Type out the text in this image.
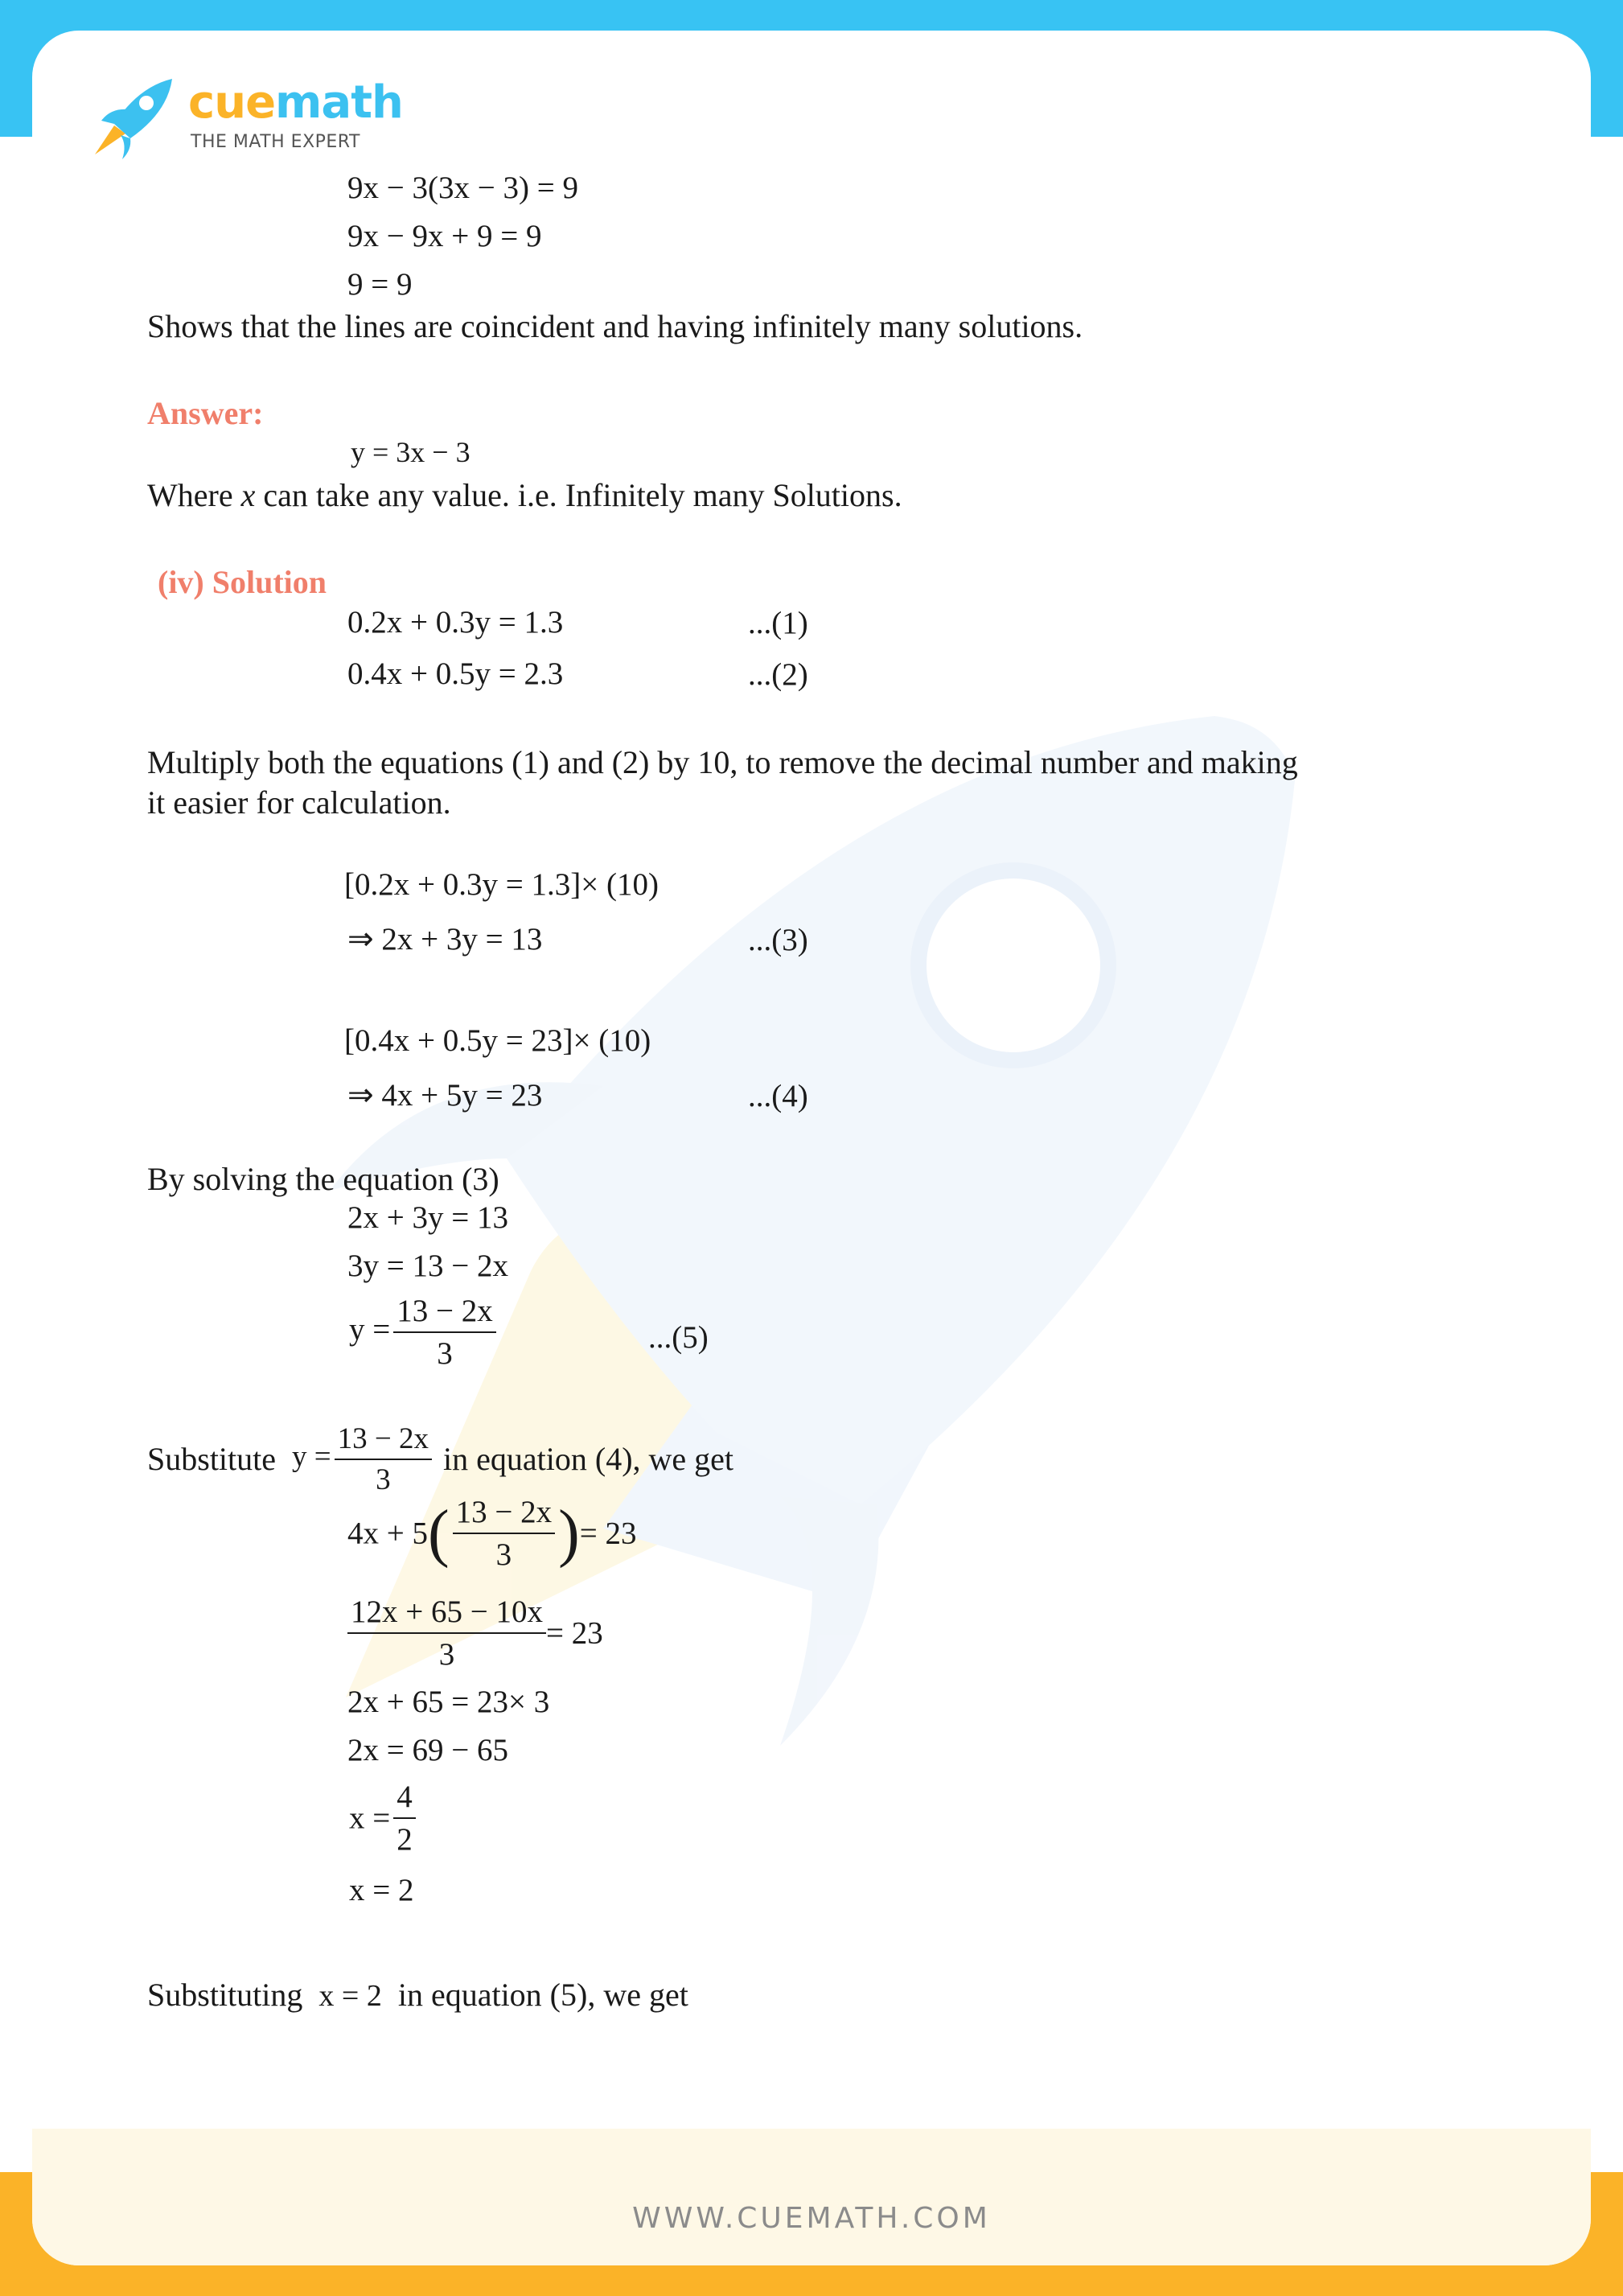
WWW.CUEMATH.COM
cuemath
THE MATH EXPERT
9x − 3(3x − 3) = 9
9x − 9x + 9 = 9
9 = 9
Shows that the lines are coincident and having infinitely many solutions.
Answer:
y = 3x − 3
Where x can take any value. i.e. Infinitely many Solutions.
(iv) Solution
0.2x + 0.3y = 1.3	...(1)
0.4x + 0.5y = 2.3	...(2)
Multiply both the equations (1) and (2) by 10, to remove the decimal number and making
it easier for calculation.
[0.2x + 0.3y = 1.3]× (10)
⇒ 2x + 3y = 13	...(3)
[0.4x + 0.5y = 23]× (10)
⇒ 4x + 5y = 23	...(4)
By solving the equation (3)
2x + 3y = 13
3y = 13 − 2x
$y = \frac{13 - 2x}{3}$	...(5)
Substitute $y = \frac{13 - 2x}{3}$ in equation (4), we get
$4x + 5( \frac{13 - 2x}{3}$ )= 23
$\frac{12x + 65 - 10x}{3} = 23$
2x + 65 = 23× 3
2x = 69 − 65
$x = \frac{4}{2}$
x = 2
Substituting x = 2 in equation (5), we get
